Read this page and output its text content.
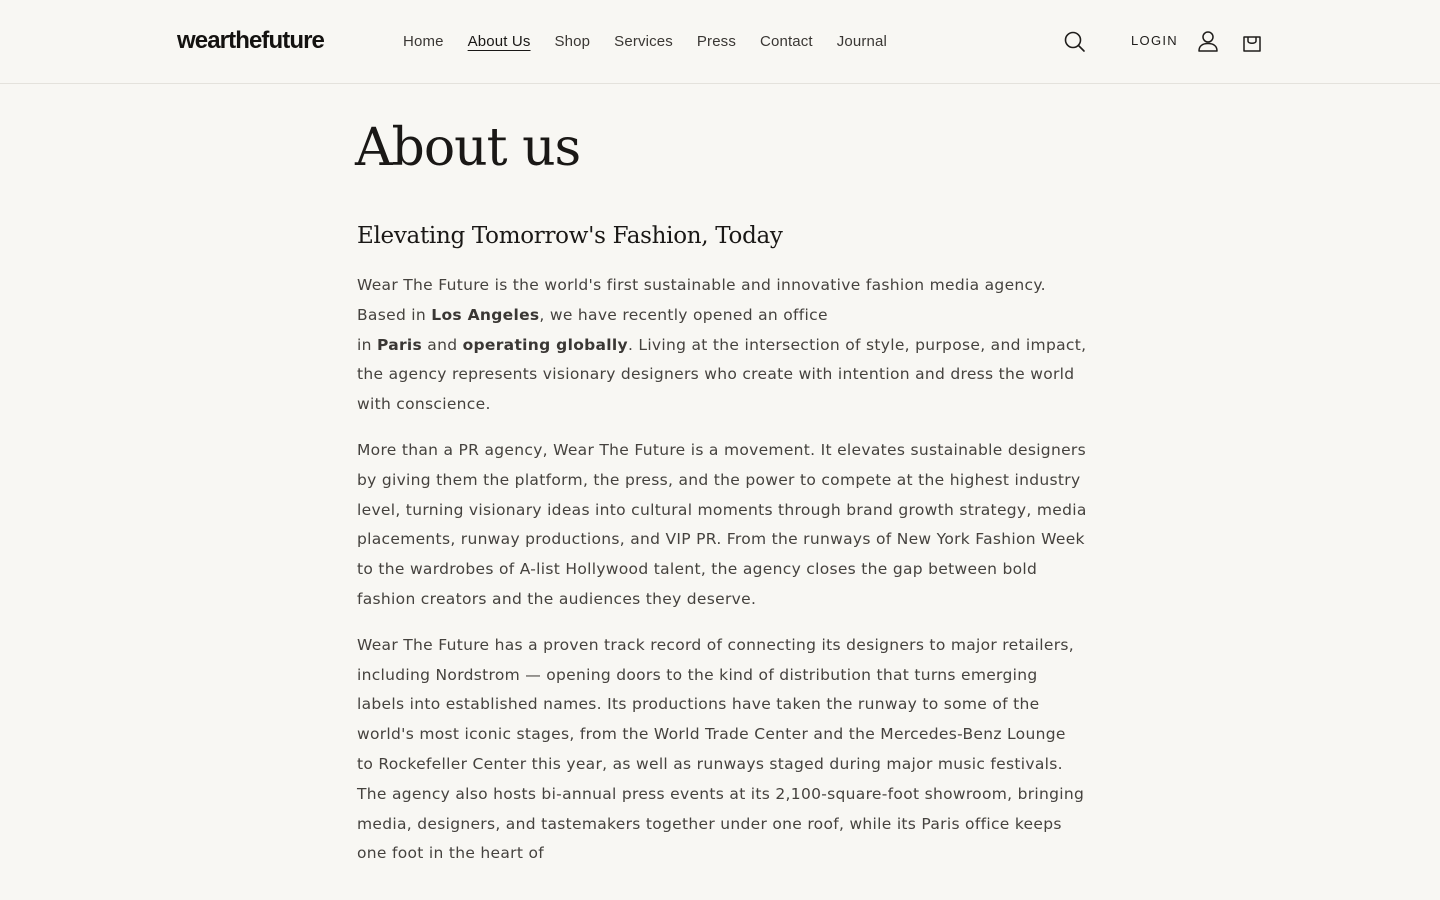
wearthefuture	Home About Us Shop Services Press Contact Journal	LOGIN
About us
Elevating Tomorrow's Fashion, Today

Wear The Future is the world's first sustainable and innovative fashion media agency. Based in Los Angeles, we have recently opened an office
in Paris and operating globally. Living at the intersection of style, purpose, and impact, the agency represents visionary designers who create with intention and dress the world with conscience.

More than a PR agency, Wear The Future is a movement. It elevates sustainable designers by giving them the platform, the press, and the power to compete at the highest industry level, turning visionary ideas into cultural moments through brand growth strategy, media placements, runway productions, and VIP PR. From the runways of New York Fashion Week to the wardrobes of A-list Hollywood talent, the agency closes the gap between bold fashion creators and the audiences they deserve.

Wear The Future has a proven track record of connecting its designers to major retailers, including Nordstrom — opening doors to the kind of distribution that turns emerging labels into established names. Its productions have taken the runway to some of the world's most iconic stages, from the World Trade Center and the Mercedes-Benz Lounge to Rockefeller Center this year, as well as runways staged during major music festivals. The agency also hosts bi-annual press events at its 2,100-square-foot showroom, bringing media, designers, and tastemakers together under one roof, while its Paris office keeps one foot in the heart of
